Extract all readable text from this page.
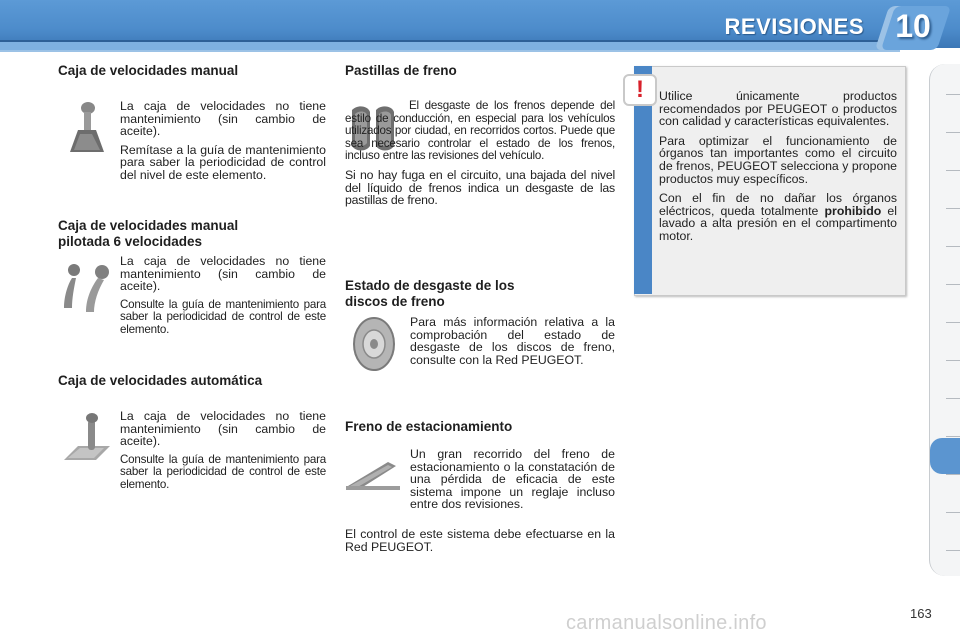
REVISIONES 10
Caja de velocidades manual

La caja de velocidades no tiene mantenimiento (sin cambio de aceite).

Remítase a la guía de mantenimiento para saber la periodicidad de control del nivel de este elemento.

Caja de velocidades manual
pilotada 6 velocidades

La caja de velocidades no tiene mantenimiento (sin cambio de aceite).

Consulte la guía de mantenimiento para saber la periodicidad de control de este elemento.

Caja de velocidades automática

La caja de velocidades no tiene mantenimiento (sin cambio de aceite).

Consulte la guía de mantenimiento para saber la periodicidad de control de este elemento.

Pastillas de freno

El desgaste de los frenos depende del estilo de conducción, en especial para los vehículos utilizados por ciudad, en recorridos cortos. Puede que sea necesario controlar el estado de los frenos, incluso entre las revisiones del vehículo.

Si no hay fuga en el circuito, una bajada del nivel del líquido de frenos indica un desgaste de las pastillas de freno.

Estado de desgaste de los
discos de freno

Para más información relativa a la comprobación del estado de desgaste de los discos de freno, consulte con la Red PEUGEOT.

Freno de estacionamiento

Un gran recorrido del freno de estacionamiento o la constatación de una pérdida de eficacia de este sistema impone un reglaje incluso entre dos revisiones.

El control de este sistema debe efectuarse en la Red PEUGEOT.

!	Utilice únicamente productos recomendados por PEUGEOT o productos con calidad y características equivalentes.

Para optimizar el funcionamiento de órganos tan importantes como el circuito de frenos, PEUGEOT selecciona y propone productos muy específicos.

Con el fin de no dañar los órganos eléctricos, queda totalmente prohibido el lavado a alta presión en el compartimento motor.

163
carmanualsonline.info
